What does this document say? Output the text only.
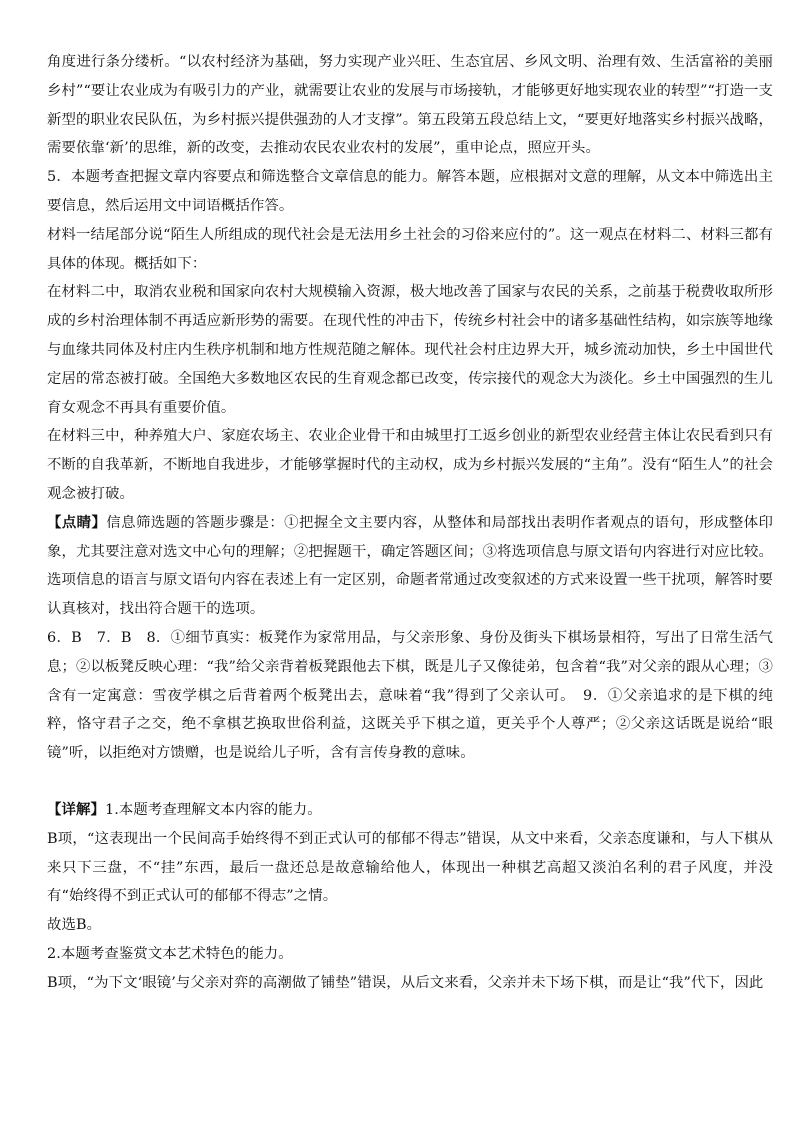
角度进行条分缕析。“以农村经济为基础，努力实现产业兴旺、生态宜居、乡风文明、治理有效、生活富裕的美丽乡村”“要让农业成为有吸引力的产业，就需要让农业的发展与市场接轨，才能够更好地实现农业的转型”“打造一支新型的职业农民队伍，为乡村振兴提供强劲的人才支撑”。第五段第五段总结上文，“要更好地落实乡村振兴战略，需要依靠‘新’的思维，新的改变，去推动农民农业农村的发展”，重申论点，照应开头。

5．本题考查把握文章内容要点和筛选整合文章信息的能力。解答本题，应根据对文意的理解，从文本中筛选出主要信息，然后运用文中词语概括作答。

材料一结尾部分说“陌生人所组成的现代社会是无法用乡土社会的习俗来应付的”。这一观点在材料二、材料三都有具体的体现。概括如下：

在材料二中，取消农业税和国家向农村大规模输入资源，极大地改善了国家与农民的关系，之前基于税费收取所形成的乡村治理体制不再适应新形势的需要。在现代性的冲击下，传统乡村社会中的诸多基础性结构，如宗族等地缘与血缘共同体及村庄内生秩序机制和地方性规范随之解体。现代社会村庄边界大开，城乡流动加快，乡土中国世代定居的常态被打破。全国绝大多数地区农民的生育观念都已改变，传宗接代的观念大为淡化。乡土中国强烈的生儿育女观念不再具有重要价值。

在材料三中，种养殖大户、家庭农场主、农业企业骨干和由城里打工返乡创业的新型农业经营主体让农民看到只有不断的自我革新，不断地自我进步，才能够掌握时代的主动权，成为乡村振兴发展的“主角”。没有“陌生人”的社会观念被打破。

【点睛】信息筛选题的答题步骤是：①把握全文主要内容，从整体和局部找出表明作者观点的语句，形成整体印象，尤其要注意对选文中心句的理解；②把握题干，确定答题区间；③将选项信息与原文语句内容进行对应比较。选项信息的语言与原文语句内容在表述上有一定区别，命题者常通过改变叙述的方式来设置一些干扰项，解答时要认真核对，找出符合题干的选项。

6．B　7．B　8．①细节真实：板凳作为家常用品，与父亲形象、身份及街头下棋场景相符，写出了日常生活气息；②以板凳反映心理：“我”给父亲背着板凳跟他去下棋，既是儿子又像徒弟，包含着“我”对父亲的跟从心理；③含有一定寓意：雪夜学棋之后背着两个板凳出去，意味着“我”得到了父亲认可。　9．①父亲追求的是下棋的纯粹，恪守君子之交，绝不拿棋艺换取世俗利益，这既关乎下棋之道，更关乎个人尊严；②父亲这话既是说给“眼镜”听，以拒绝对方馈赠，也是说给儿子听，含有言传身教的意味。

【详解】1.本题考查理解文本内容的能力。

B项，“这表现出一个民间高手始终得不到正式认可的郁郁不得志”错误，从文中来看，父亲态度谦和，与人下棋从来只下三盘，不“挂”东西，最后一盘还总是故意输给他人，体现出一种棋艺高超又淡泊名利的君子风度，并没有“始终得不到正式认可的郁郁不得志”之情。

故选B。

2.本题考查鉴赏文本艺术特色的能力。

B项，“为下文‘眼镜’与父亲对弈的高潮做了铺垫”错误，从后文来看，父亲并未下场下棋，而是让“我”代下，因此
